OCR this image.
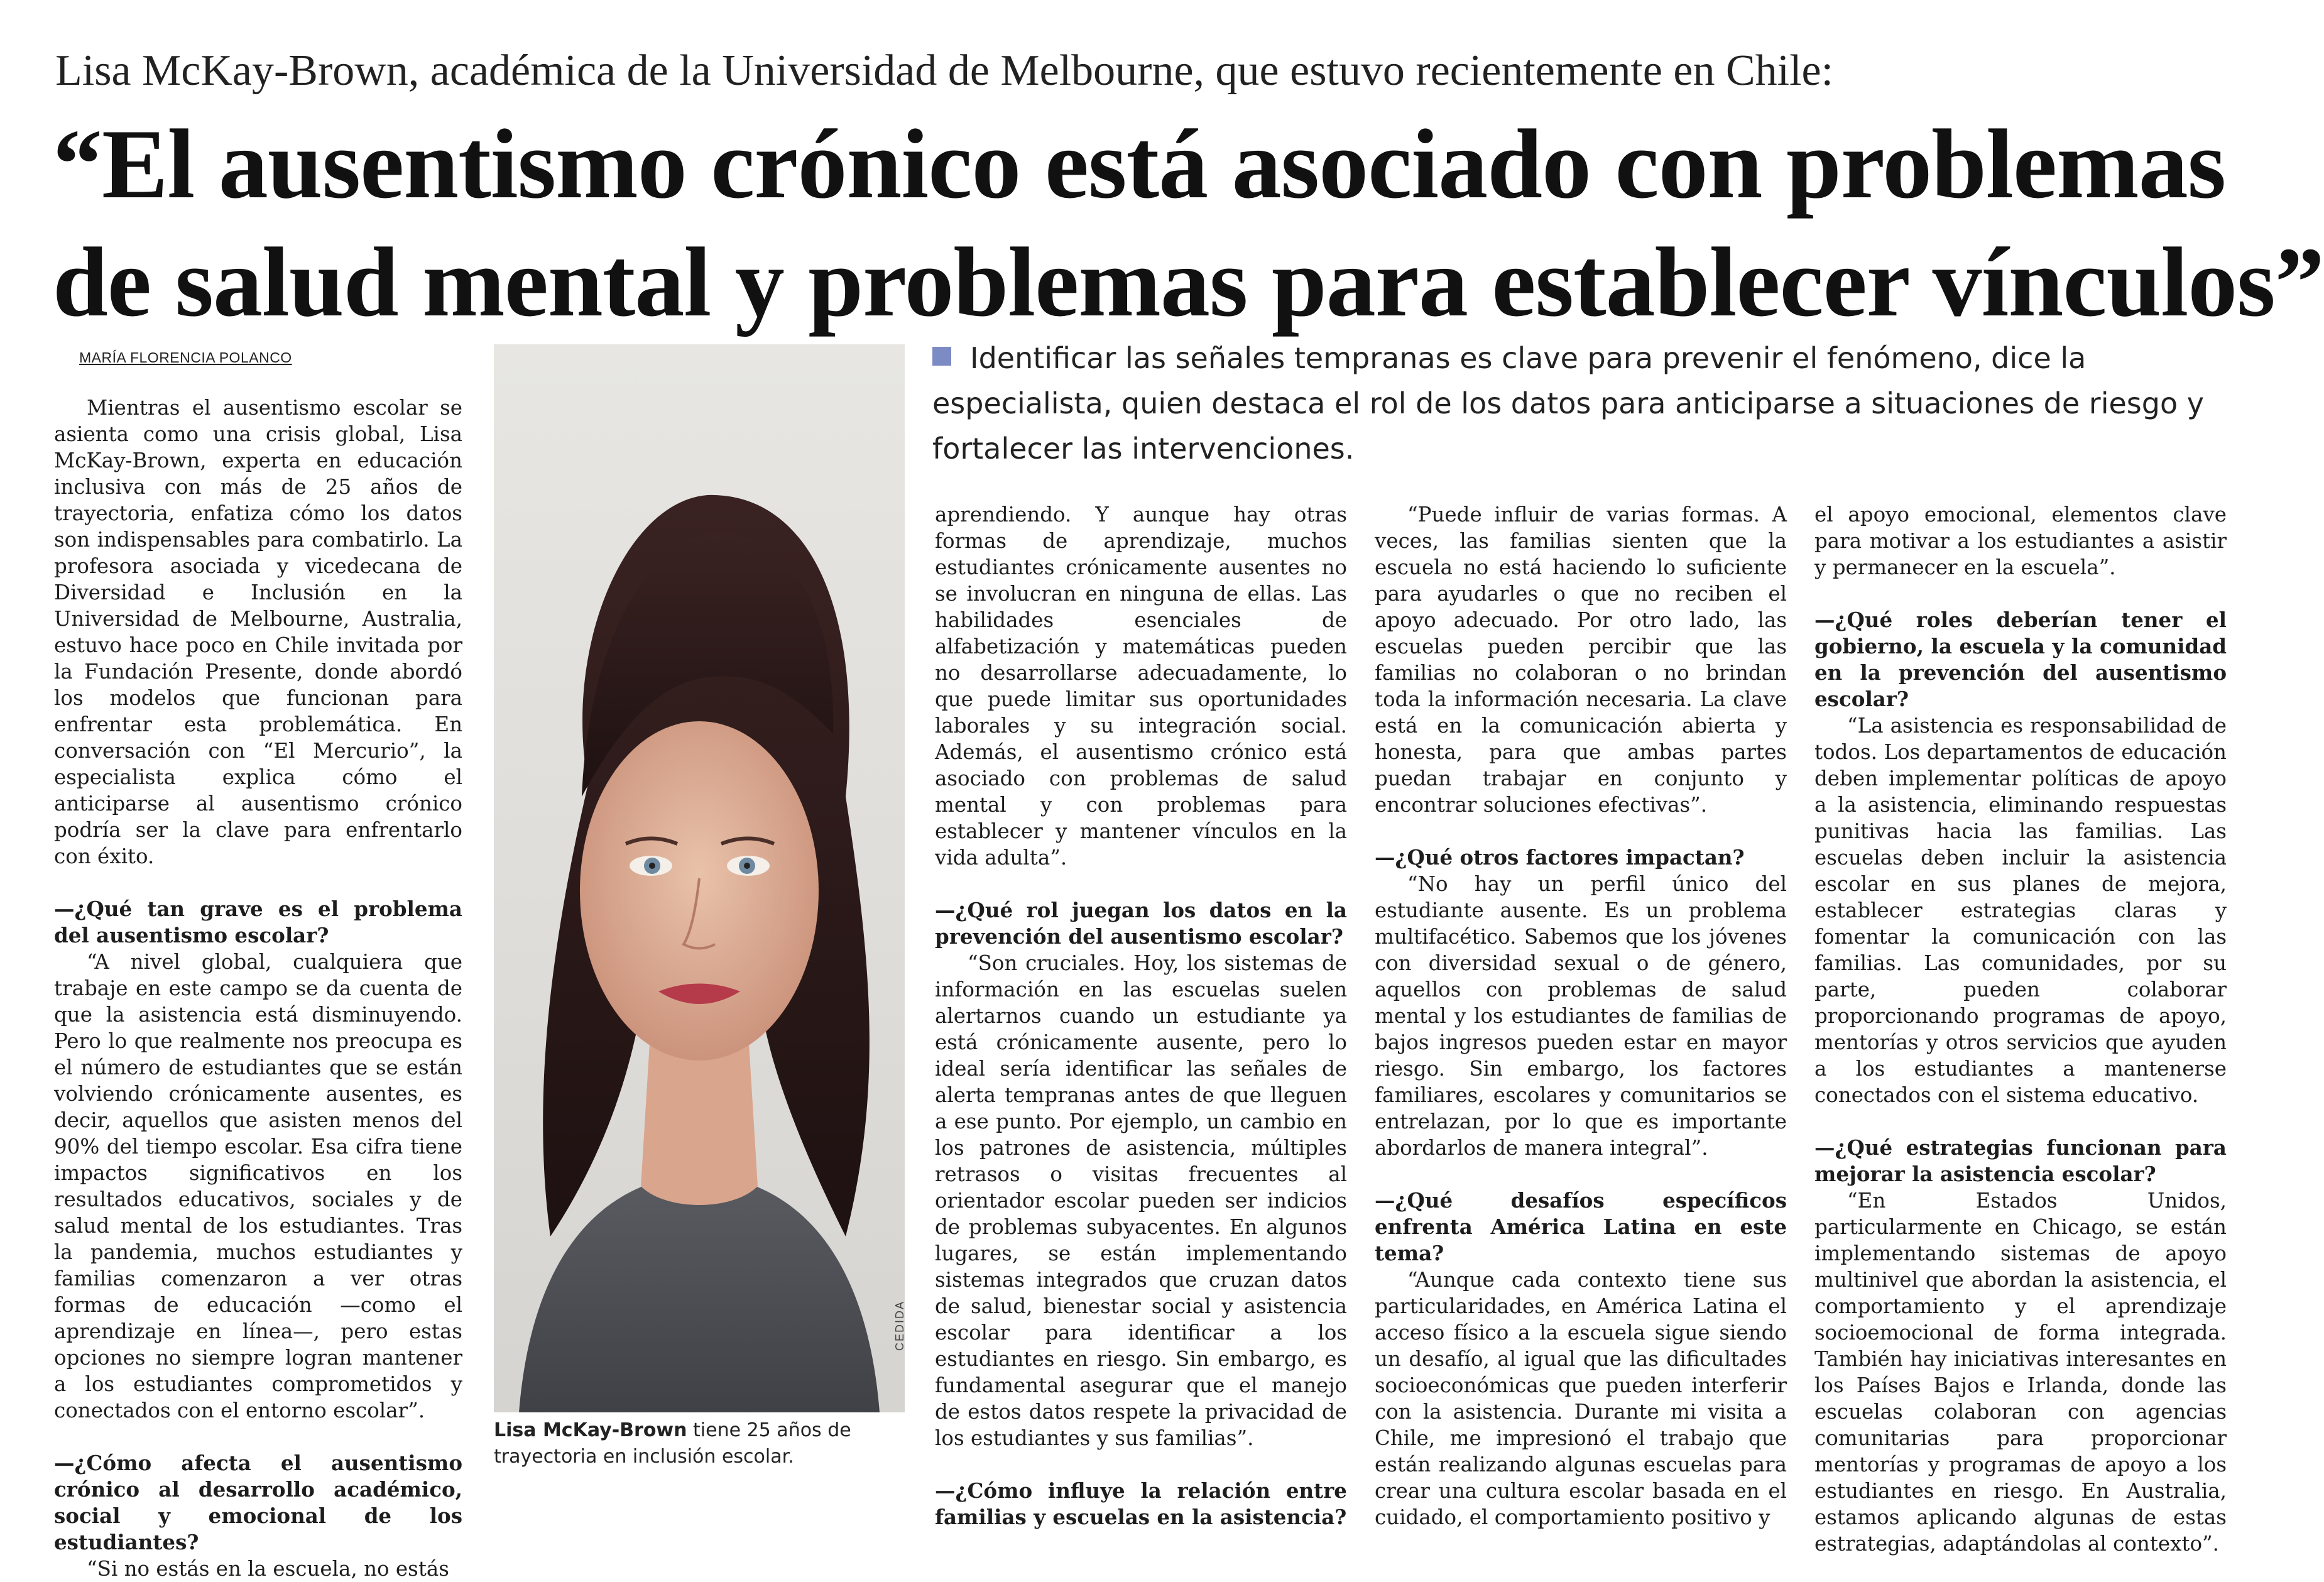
Lisa McKay-Brown, académica de la Universidad de Melbourne, que estuvo recientemente en Chile:
“El ausentismo crónico está asociado con problemas
de salud mental y problemas para establecer vínculos”
MARÍA FLORENCIA POLANCO

Mientras el ausentismo escolar se asienta como una crisis global, Lisa McKay-Brown, experta en educación inclusiva con más de 25 años de trayectoria, enfatiza cómo los datos son indispensables para combatirlo. La profesora asociada y vicedecana de Diversidad e Inclusión en la Universidad de Melbourne, Australia, estuvo hace poco en Chile invitada por la Fundación Presente, donde abordó los modelos que funcionan para enfrentar esta problemática. En conversación con “El Mercurio”, la especialista explica cómo el anticiparse al ausentismo crónico podría ser la clave para enfrentarlo con éxito.

—¿Qué tan grave es el problema del ausentismo escolar?

“A nivel global, cualquiera que trabaje en este campo se da cuenta de que la asistencia está disminuyendo. Pero lo que realmente nos preocupa es el número de estudiantes que se están volviendo crónicamente ausentes, es decir, aquellos que asisten menos del 90% del tiempo escolar. Esa cifra tiene impactos significativos en los resultados educativos, sociales y de salud mental de los estudiantes. Tras la pandemia, muchos estudiantes y familias comenzaron a ver otras formas de educación —como el aprendizaje en línea—, pero estas opciones no siempre logran mantener a los estudiantes comprometidos y conectados con el entorno escolar”.

—¿Cómo afecta el ausentismo crónico al desarrollo académico, social y emocional de los estudiantes?

“Si no estás en la escuela, no estás

CEDIDA
Lisa McKay-Brown tiene 25 años de trayectoria en inclusión escolar.

Identificar las señales tempranas es clave para prevenir el fenómeno, dice la especialista, quien destaca el rol de los datos para anticiparse a situaciones de riesgo y fortalecer las intervenciones.

aprendiendo. Y aunque hay otras formas de aprendizaje, muchos estudiantes crónicamente ausentes no se involucran en ninguna de ellas. Las habilidades esenciales de alfabetización y matemáticas pueden no desarrollarse adecuadamente, lo que puede limitar sus oportunidades laborales y su integración social. Además, el ausentismo crónico está asociado con problemas de salud mental y con problemas para establecer y mantener vínculos en la vida adulta”.

—¿Qué rol juegan los datos en la prevención del ausentismo escolar?

“Son cruciales. Hoy, los sistemas de información en las escuelas suelen alertarnos cuando un estudiante ya está crónicamente ausente, pero lo ideal sería identificar las señales de alerta tempranas antes de que lleguen a ese punto. Por ejemplo, un cambio en los patrones de asistencia, múltiples retrasos o visitas frecuentes al orientador escolar pueden ser indicios de problemas subyacentes. En algunos lugares, se están implementando sistemas integrados que cruzan datos de salud, bienestar social y asistencia escolar para identificar a los estudiantes en riesgo. Sin embargo, es fundamental asegurar que el manejo de estos datos respete la privacidad de los estudiantes y sus familias”.

—¿Cómo influye la relación entre familias y escuelas en la asistencia?

“Puede influir de varias formas. A veces, las familias sienten que la escuela no está haciendo lo suficiente para ayudarles o que no reciben el apoyo adecuado. Por otro lado, las escuelas pueden percibir que las familias no colaboran o no brindan toda la información necesaria. La clave está en la comunicación abierta y honesta, para que ambas partes puedan trabajar en conjunto y encontrar soluciones efectivas”.

—¿Qué otros factores impactan?

“No hay un perfil único del estudiante ausente. Es un problema multifacético. Sabemos que los jóvenes con diversidad sexual o de género, aquellos con problemas de salud mental y los estudiantes de familias de bajos ingresos pueden estar en mayor riesgo. Sin embargo, los factores familiares, escolares y comunitarios se entrelazan, por lo que es importante abordarlos de manera integral”.

—¿Qué desafíos específicos enfrenta América Latina en este tema?

“Aunque cada contexto tiene sus particularidades, en América Latina el acceso físico a la escuela sigue siendo un desafío, al igual que las dificultades socioeconómicas que pueden interferir con la asistencia. Durante mi visita a Chile, me impresionó el trabajo que están realizando algunas escuelas para crear una cultura escolar basada en el cuidado, el comportamiento positivo y

el apoyo emocional, elementos clave para motivar a los estudiantes a asistir y permanecer en la escuela”.

—¿Qué roles deberían tener el gobierno, la escuela y la comunidad en la prevención del ausentismo escolar?

“La asistencia es responsabilidad de todos. Los departamentos de educación deben implementar políticas de apoyo a la asistencia, eliminando respuestas punitivas hacia las familias. Las escuelas deben incluir la asistencia escolar en sus planes de mejora, establecer estrategias claras y fomentar la comunicación con las familias. Las comunidades, por su parte, pueden colaborar proporcionando programas de apoyo, mentorías y otros servicios que ayuden a los estudiantes a mantenerse conectados con el sistema educativo.

—¿Qué estrategias funcionan para mejorar la asistencia escolar?

“En Estados Unidos, particularmente en Chicago, se están implementando sistemas de apoyo multinivel que abordan la asistencia, el comportamiento y el aprendizaje socioemocional de forma integrada. También hay iniciativas interesantes en los Países Bajos e Irlanda, donde las escuelas colaboran con agencias comunitarias para proporcionar mentorías y programas de apoyo a los estudiantes en riesgo. En Australia, estamos aplicando algunas de estas estrategias, adaptándolas al contexto”.
